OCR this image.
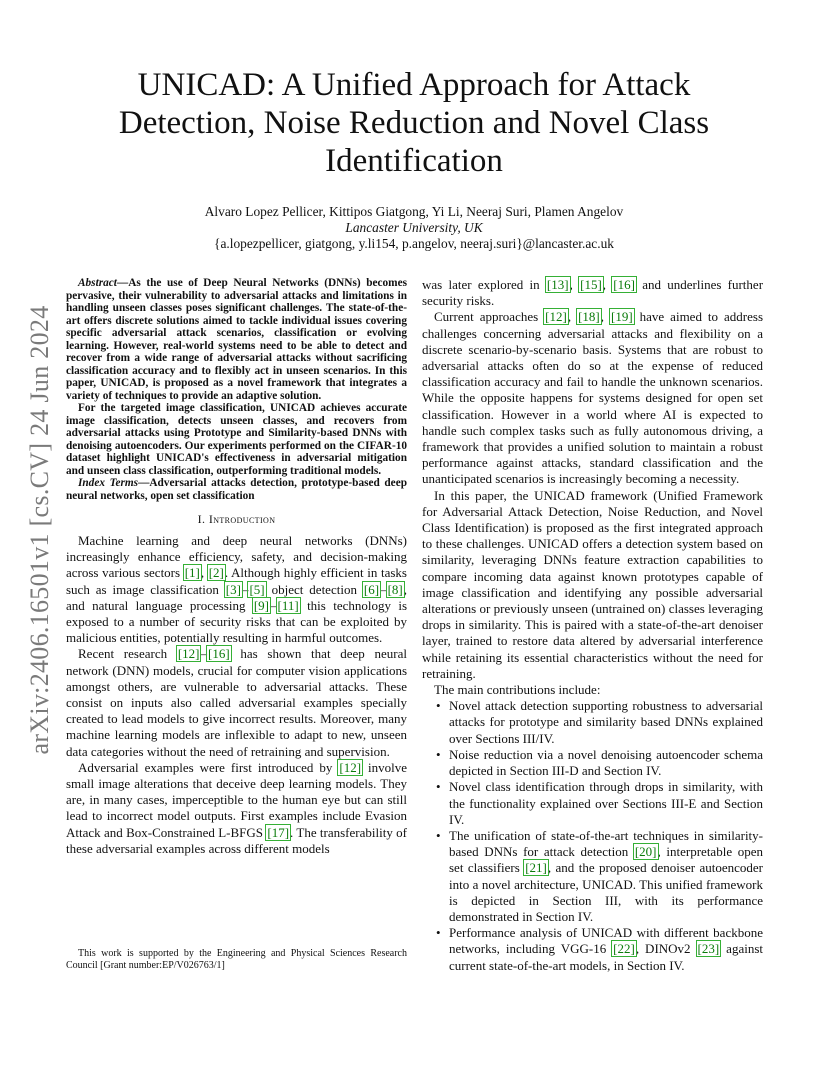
arXiv:2406.16501v1 [cs.CV] 24 Jun 2024
UNICAD: A Unified Approach for Attack
Detection, Noise Reduction and Novel Class
Identification
Alvaro Lopez Pellicer, Kittipos Giatgong, Yi Li, Neeraj Suri, Plamen Angelov
Lancaster University, UK
{a.lopezpellicer, giatgong, y.li154, p.angelov, neeraj.suri}@lancaster.ac.uk

Abstract—As the use of Deep Neural Networks (DNNs) becomes pervasive, their vulnerability to adversarial attacks and limitations in handling unseen classes poses significant challenges. The state-of-the-art offers discrete solutions aimed to tackle individual issues covering specific adversarial attack scenarios, classification or evolving learning. However, real-world systems need to be able to detect and recover from a wide range of adversarial attacks without sacrificing classification accuracy and to flexibly act in unseen scenarios. In this paper, UNICAD, is proposed as a novel framework that integrates a variety of techniques to provide an adaptive solution.

For the targeted image classification, UNICAD achieves accurate image classification, detects unseen classes, and recovers from adversarial attacks using Prototype and Similarity-based DNNs with denoising autoencoders. Our experiments performed on the CIFAR-10 dataset highlight UNICAD's effectiveness in adversarial mitigation and unseen class classification, outperforming traditional models.

Index Terms—Adversarial attacks detection, prototype-based deep neural networks, open set classification

I. Introduction

Machine learning and deep neural networks (DNNs) increasingly enhance efficiency, safety, and decision-making across various sectors [1], [2]. Although highly efficient in tasks such as image classification [3]–[5] object detection [6]–[8], and natural language processing [9]–[11] this technology is exposed to a number of security risks that can be exploited by malicious entities, potentially resulting in harmful outcomes.

Recent research [12]–[16] has shown that deep neural network (DNN) models, crucial for computer vision applications amongst others, are vulnerable to adversarial attacks. These consist on inputs also called adversarial examples specially created to lead models to give incorrect results. Moreover, many machine learning models are inflexible to adapt to new, unseen data categories without the need of retraining and supervision.

Adversarial examples were first introduced by [12] involve small image alterations that deceive deep learning models. They are, in many cases, imperceptible to the human eye but can still lead to incorrect model outputs. First examples include Evasion Attack and Box-Constrained L-BFGS [17]. The transferability of these adversarial examples across different models

This work is supported by the Engineering and Physical Sciences Research Council [Grant number:EP/V026763/1]

was later explored in [13], [15], [16] and underlines further security risks.

Current approaches [12], [18], [19] have aimed to address challenges concerning adversarial attacks and flexibility on a discrete scenario-by-scenario basis. Systems that are robust to adversarial attacks often do so at the expense of reduced classification accuracy and fail to handle the unknown scenarios. While the opposite happens for systems designed for open set classification. However in a world where AI is expected to handle such complex tasks such as fully autonomous driving, a framework that provides a unified solution to maintain a robust performance against attacks, standard classification and the unanticipated scenarios is increasingly becoming a necessity.

In this paper, the UNICAD framework (Unified Framework for Adversarial Attack Detection, Noise Reduction, and Novel Class Identification) is proposed as the first integrated approach to these challenges. UNICAD offers a detection system based on similarity, leveraging DNNs feature extraction capabilities to compare incoming data against known prototypes capable of image classification and identifying any possible adversarial alterations or previously unseen (untrained on) classes leveraging drops in similarity. This is paired with a state-of-the-art denoiser layer, trained to restore data altered by adversarial interference while retaining its essential characteristics without the need for retraining.

The main contributions include:

• Novel attack detection supporting robustness to adversarial attacks for prototype and similarity based DNNs explained over Sections III/IV.
• Noise reduction via a novel denoising autoencoder schema depicted in Section III-D and Section IV.
• Novel class identification through drops in similarity, with the functionality explained over Sections III-E and Section IV.
• The unification of state-of-the-art techniques in similarity-based DNNs for attack detection [20], interpretable open set classifiers [21], and the proposed denoiser autoencoder into a novel architecture, UNICAD. This unified framework is depicted in Section III, with its performance demonstrated in Section IV.
• Performance analysis of UNICAD with different backbone networks, including VGG-16 [22], DINOv2 [23] against current state-of-the-art models, in Section IV.
